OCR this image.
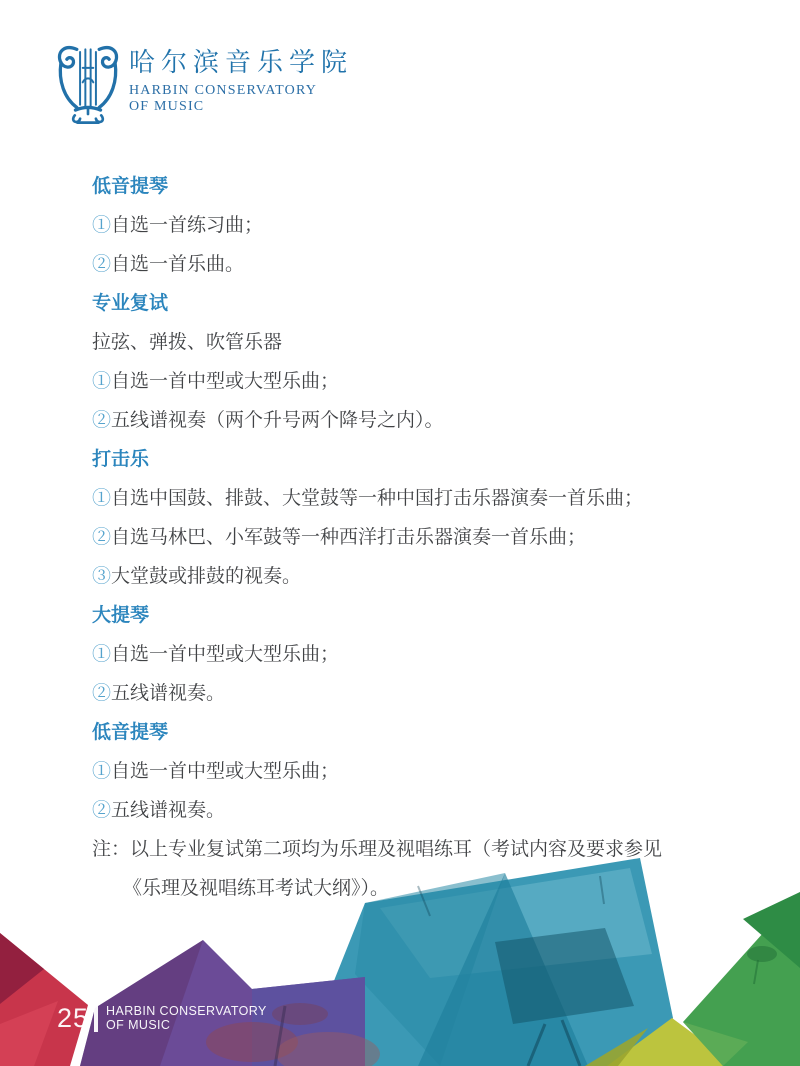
哈尔滨音乐学院
HARBIN CONSERVATORY
OF MUSIC
低音提琴
①自选一首练习曲；
②自选一首乐曲。
专业复试
拉弦、弹拨、吹管乐器
①自选一首中型或大型乐曲；
②五线谱视奏（两个升号两个降号之内）。
打击乐
①自选中国鼓、排鼓、大堂鼓等一种中国打击乐器演奏一首乐曲；
②自选马林巴、小军鼓等一种西洋打击乐器演奏一首乐曲；
③大堂鼓或排鼓的视奏。
大提琴
①自选一首中型或大型乐曲；
②五线谱视奏。
低音提琴
①自选一首中型或大型乐曲；
②五线谱视奏。
注：以上专业复试第二项均为乐理及视唱练耳（考试内容及要求参见
《乐理及视唱练耳考试大纲》）。
25 HARBIN CONSERVATORY
OF MUSIC
